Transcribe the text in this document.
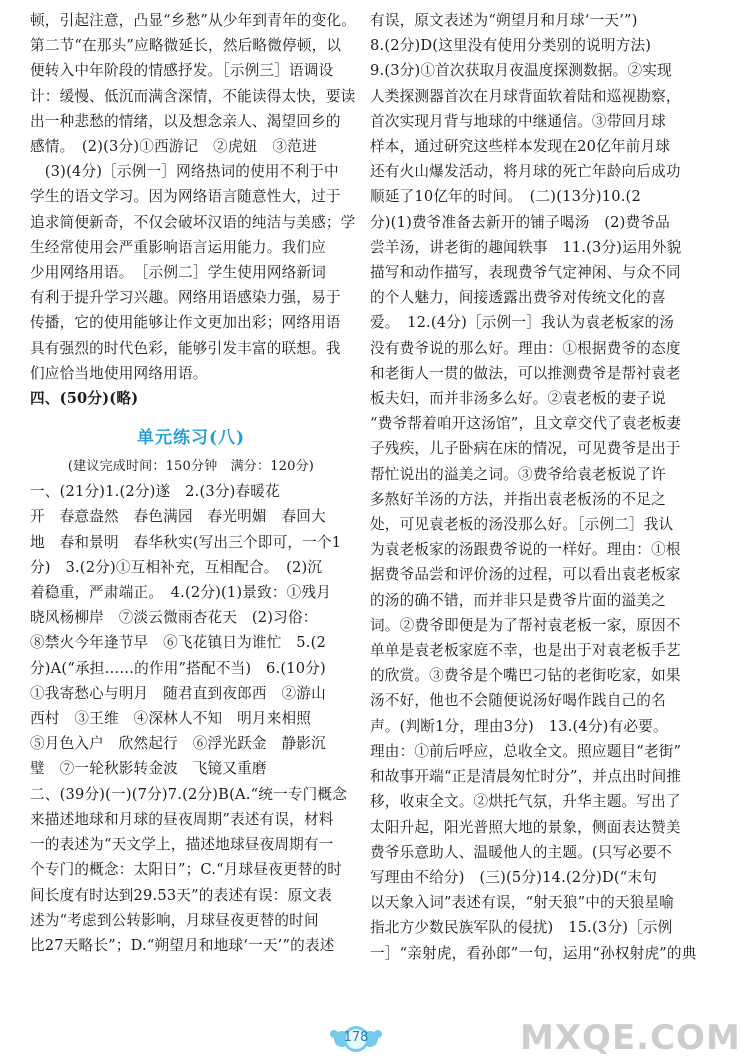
顿，引起注意，凸显“乡愁”从少年到青年的变化。
第二节“在那头”应略微延长，然后略微停顿，以
便转入中年阶段的情感抒发。［示例三］语调设
计：缓慢、低沉而满含深情，不能读得太快，要读
出一种悲愁的情绪，以及想念亲人、渴望回乡的
感情。　(2)(3分)①西游记　②虎妞　③范进

　(3)(4分)［示例一］网络热词的使用不利于中
学生的语文学习。因为网络语言随意性大，过于
追求简便新奇，不仅会破坏汉语的纯洁与美感；学
生经常使用会严重影响语言运用能力。我们应
少用网络用语。　［示例二］学生使用网络新词
有利于提升学习兴趣。网络用语感染力强，易于
传播，它的使用能够让作文更加出彩；网络用语
具有强烈的时代色彩，能够引发丰富的联想。我
们应恰当地使用网络用语。

四、(50分)(略)

单元练习(八)
(建议完成时间：150分钟　满分：120分)

一、(21分)1.(2分)遂　2.(3分)春暖花
开　春意盎然　春色满园　春光明媚　春回大
地　春和景明　春华秋实(写出三个即可，一个1
分)　3.(2分)①互相补充，互相配合。　(2)沉
着稳重，严肃端正。　4.(2分)(1)景致：①残月
晓风杨柳岸　⑦淡云微雨杏花天　(2)习俗：
⑧禁火今年逢节早　⑥飞花镇日为谁忙　5.(2
分)A(“承担……的作用”搭配不当)　6.(10分)
①我寄愁心与明月　随君直到夜郎西　②游山
西村　③王维　④深林人不知　明月来相照
⑤月色入户　欣然起行　⑥浮光跃金　静影沉
璧　⑦一轮秋影转金波　飞镜又重磨

二、(39分)(一)(7分)7.(2分)B(A.“统一专门概念
来描述地球和月球的昼夜周期”表述有误，材料
一的表述为“天文学上，描述地球昼夜周期有一
个专门的概念：太阳日”；C.“月球昼夜更替的时
间长度有时达到29.53天”的表述有误：原文表
述为“考虑到公转影响，月球昼夜更替的时间
比27天略长”；D.“朔望月和地球‘一天’”的表述

有误，原文表述为“朔望月和月球‘一天’”)
8.(2分)D(这里没有使用分类别的说明方法)
9.(3分)①首次获取月夜温度探测数据。②实现
人类探测器首次在月球背面软着陆和巡视勘察，
首次实现月背与地球的中继通信。③带回月球
样本，通过研究这些样本发现在20亿年前月球
还有火山爆发活动，将月球的死亡年龄向后成功
顺延了10亿年的时间。　(二)(13分)10.(2
分)(1)费爷准备去新开的铺子喝汤　(2)费爷品
尝羊汤，讲老街的趣闻轶事　11.(3分)运用外貌
描写和动作描写，表现费爷气定神闲、与众不同
的个人魅力，间接透露出费爷对传统文化的喜
爱。　12.(4分)［示例一］我认为袁老板家的汤
没有费爷说的那么好。理由：①根据费爷的态度
和老街人一贯的做法，可以推测费爷是帮衬袁老
板夫妇，而并非汤多么好。②袁老板的妻子说
“费爷帮着咱开这汤馆”，且文章交代了袁老板妻
子残疾，儿子卧病在床的情况，可见费爷是出于
帮忙说出的溢美之词。③费爷给袁老板说了许
多熬好羊汤的方法，并指出袁老板汤的不足之
处，可见袁老板的汤没那么好。［示例二］我认
为袁老板家的汤跟费爷说的一样好。理由：①根
据费爷品尝和评价汤的过程，可以看出袁老板家
的汤的确不错，而并非只是费爷片面的溢美之
词。②费爷即便是为了帮衬袁老板一家，原因不
单单是袁老板家庭不幸，也是出于对袁老板手艺
的欣赏。③费爷是个嘴巴刁钻的老街吃家，如果
汤不好，他也不会随便说汤好喝作践自己的名
声。(判断1分，理由3分)　13.(4分)有必要。
理由：①前后呼应，总收全文。照应题目“老街”
和故事开端“正是清晨匆忙时分”，并点出时间推
移，收束全文。②烘托气氛，升华主题。写出了
太阳升起，阳光普照大地的景象，侧面表达赞美
费爷乐意助人、温暖他人的主题。(只写必要不
写理由不给分)　(三)(5分)14.(2分)D(“末句
以天象入词”表述有误，“射天狼”中的天狼星喻
指北方少数民族军队的侵扰)　15.(3分)［示例
一］“亲射虎，看孙郎”一句，运用“孙权射虎”的典

178	MXQE.COM
